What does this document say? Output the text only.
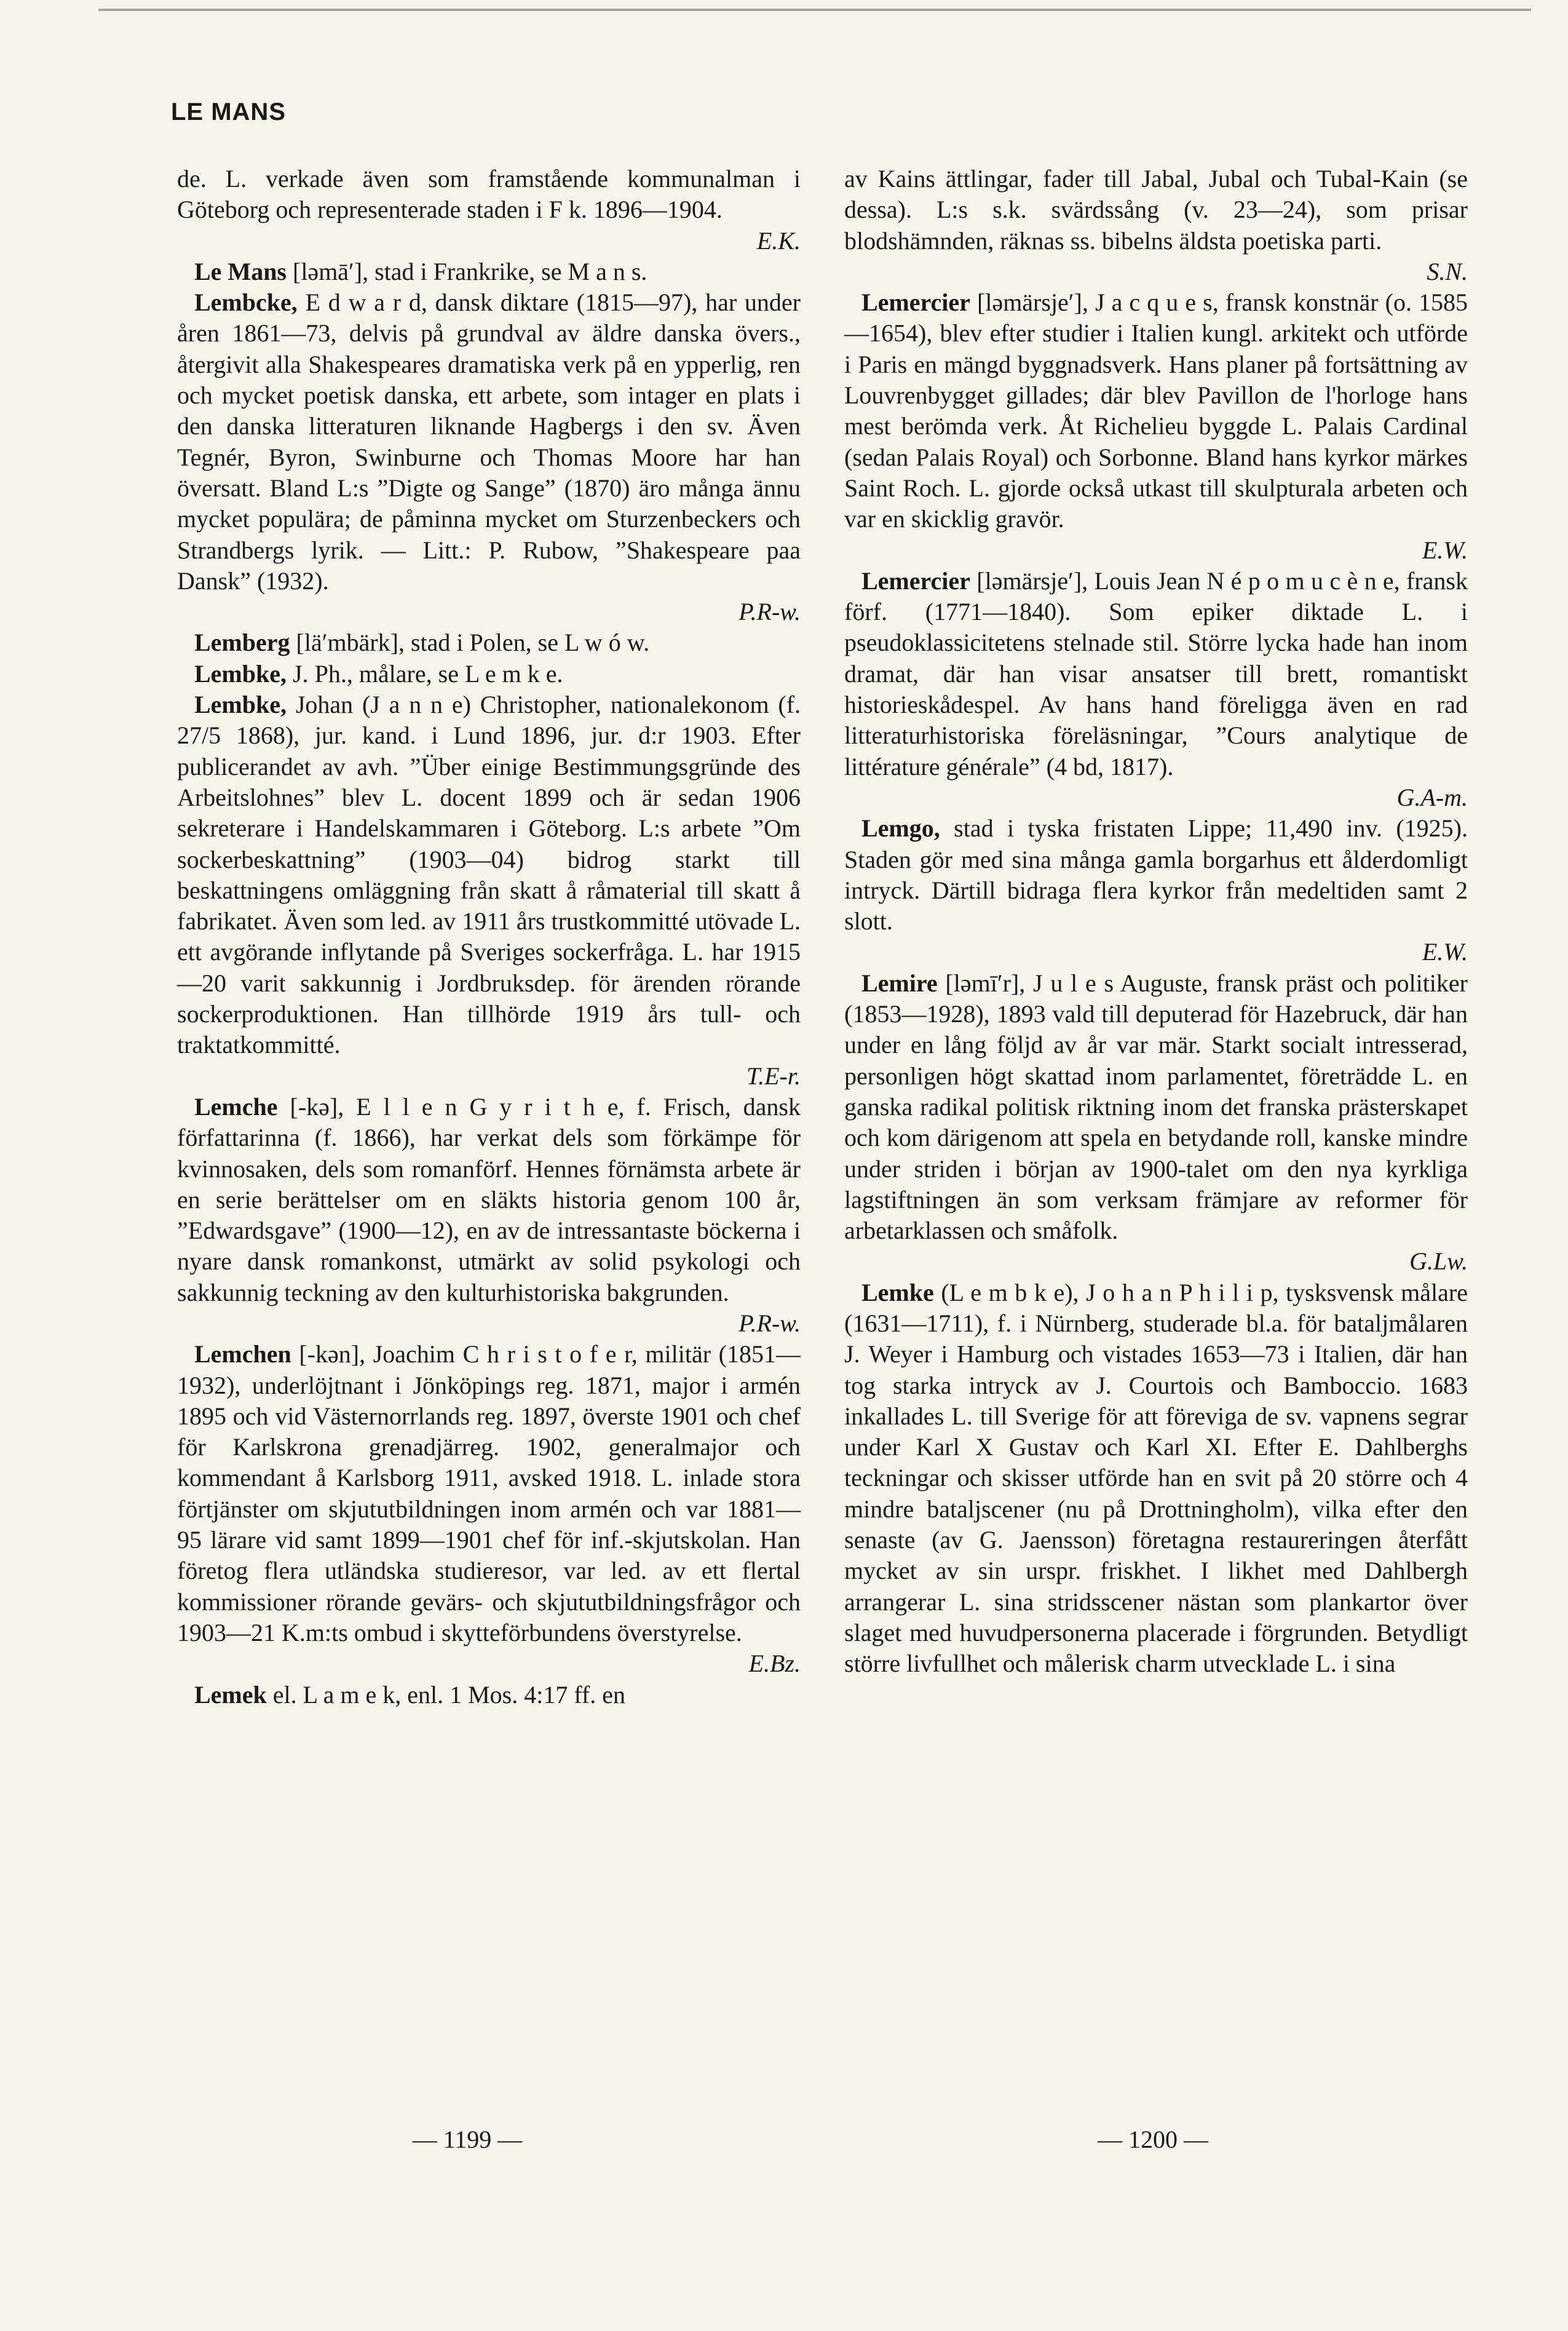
LE MANS

de. L. verkade även som framstående kommunalman i Göteborg och representerade staden i F k. 1896—1904.
E.K.

Le Mans [ləmā′], stad i Frankrike, se M a n s.

Lembcke, E d w a r d, dansk diktare (1815—97), har under åren 1861—73, delvis på grundval av äldre danska övers., återgivit alla Shakespeares dramatiska verk på en ypperlig, ren och mycket poetisk danska, ett arbete, som intager en plats i den danska litteraturen liknande Hagbergs i den sv. Även Tegnér, Byron, Swinburne och Thomas Moore har han översatt. Bland L:s ”Digte og Sange” (1870) äro många ännu mycket populära; de påminna mycket om Sturzenbeckers och Strandbergs lyrik. — Litt.: P. Rubow, ”Shakespeare paa Dansk” (1932).
P.R-w.

Lemberg [lä′mbärk], stad i Polen, se L w ó w.

Lembke, J. Ph., målare, se L e m k e.

Lembke, Johan (J a n n e) Christopher, nationalekonom (f. 27/5 1868), jur. kand. i Lund 1896, jur. d:r 1903. Efter publicerandet av avh. ”Über einige Bestimmungsgründe des Arbeitslohnes” blev L. docent 1899 och är sedan 1906 sekreterare i Handelskammaren i Göteborg. L:s arbete ”Om sockerbeskattning” (1903—04) bidrog starkt till beskattningens omläggning från skatt å råmaterial till skatt å fabrikatet. Även som led. av 1911 års trustkommitté utövade L. ett avgörande inflytande på Sveriges sockerfråga. L. har 1915—20 varit sakkunnig i Jordbruksdep. för ärenden rörande sockerproduktionen. Han tillhörde 1919 års tull- och traktatkommitté.
T.E-r.

Lemche [-kə], E l l e n G y r i t h e, f. Frisch, dansk författarinna (f. 1866), har verkat dels som förkämpe för kvinnosaken, dels som romanförf. Hennes förnämsta arbete är en serie berättelser om en släkts historia genom 100 år, ”Edwardsgave” (1900—12), en av de intressantaste böckerna i nyare dansk romankonst, utmärkt av solid psykologi och sakkunnig teckning av den kulturhistoriska bakgrunden.
P.R-w.

Lemchen [-kən], Joachim C h r i s t o f e r, militär (1851—1932), underlöjtnant i Jönköpings reg. 1871, major i armén 1895 och vid Västernorrlands reg. 1897, överste 1901 och chef för Karlskrona grenadjärreg. 1902, generalmajor och kommendant å Karlsborg 1911, avsked 1918. L. inlade stora förtjänster om skjututbildningen inom armén och var 1881—95 lärare vid samt 1899—1901 chef för inf.-skjutskolan. Han företog flera utländska studieresor, var led. av ett flertal kommissioner rörande gevärs- och skjututbildningsfrågor och 1903—21 K.m:ts ombud i skytteförbundens överstyrelse.
E.Bz.

Lemek el. L a m e k, enl. 1 Mos. 4:17 ff. en

av Kains ättlingar, fader till Jabal, Jubal och Tubal-Kain (se dessa). L:s s.k. svärdssång (v. 23—24), som prisar blodshämnden, räknas ss. bibelns äldsta poetiska parti.
S.N.

Lemercier [ləmärsje′], J a c q u e s, fransk konstnär (o. 1585—1654), blev efter studier i Italien kungl. arkitekt och utförde i Paris en mängd byggnadsverk. Hans planer på fortsättning av Louvrenbygget gillades; där blev Pavillon de l'horloge hans mest berömda verk. Åt Richelieu byggde L. Palais Cardinal (sedan Palais Royal) och Sorbonne. Bland hans kyrkor märkes Saint Roch. L. gjorde också utkast till skulpturala arbeten och var en skicklig gravör.
E.W.

Lemercier [ləmärsje′], Louis Jean N é p o m u c è n e, fransk förf. (1771—1840). Som epiker diktade L. i pseudoklassicitetens stelnade stil. Större lycka hade han inom dramat, där han visar ansatser till brett, romantiskt historieskådespel. Av hans hand föreligga även en rad litteraturhistoriska föreläsningar, ”Cours analytique de littérature générale” (4 bd, 1817).
G.A-m.

Lemgo, stad i tyska fristaten Lippe; 11,490 inv. (1925). Staden gör med sina många gamla borgarhus ett ålderdomligt intryck. Därtill bidraga flera kyrkor från medeltiden samt 2 slott.
E.W.

Lemire [ləmī′r], J u l e s Auguste, fransk präst och politiker (1853—1928), 1893 vald till deputerad för Hazebruck, där han under en lång följd av år var mär. Starkt socialt intresserad, personligen högt skattad inom parlamentet, företrädde L. en ganska radikal politisk riktning inom det franska prästerskapet och kom därigenom att spela en betydande roll, kanske mindre under striden i början av 1900-talet om den nya kyrkliga lagstiftningen än som verksam främjare av reformer för arbetarklassen och småfolk.
G.Lw.

Lemke (L e m b k e), J o h a n P h i l i p, tysksvensk målare (1631—1711), f. i Nürnberg, studerade bl.a. för bataljmålaren J. Weyer i Hamburg och vistades 1653—73 i Italien, där han tog starka intryck av J. Courtois och Bamboccio. 1683 inkallades L. till Sverige för att föreviga de sv. vapnens segrar under Karl X Gustav och Karl XI. Efter E. Dahlberghs teckningar och skisser utförde han en svit på 20 större och 4 mindre bataljscener (nu på Drottningholm), vilka efter den senaste (av G. Jaensson) företagna restaureringen återfått mycket av sin urspr. friskhet. I likhet med Dahlbergh arrangerar L. sina stridsscener nästan som plankartor över slaget med huvudpersonerna placerade i förgrunden. Betydligt större livfullhet och målerisk charm utvecklade L. i sina

— 1199 —	— 1200 —
